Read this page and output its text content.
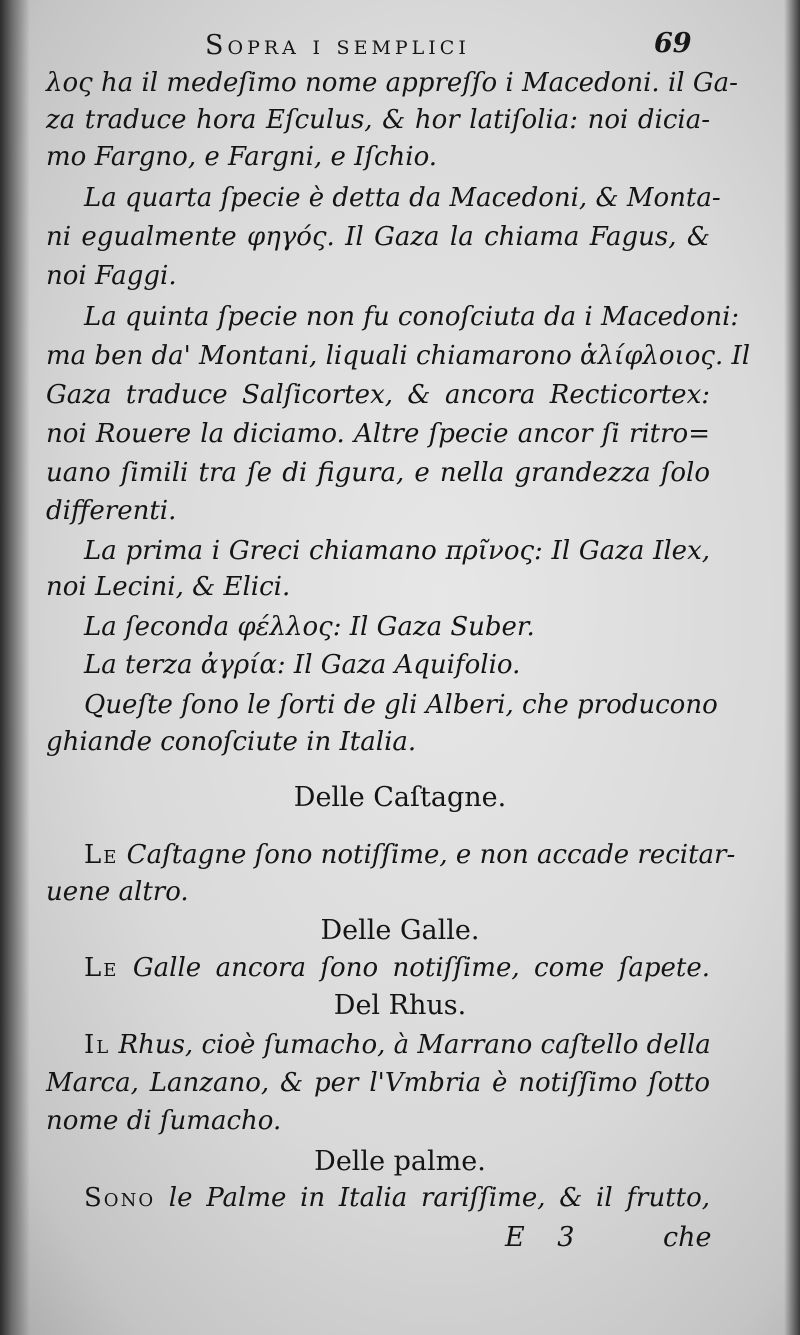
Sopra i semplici	69
λος ha il medeſimo nome appreſſo i Macedoni. il Ga-
za traduce hora Eſculus, & hor latiſolia: noi dicia-
mo Fargno, e Fargni, e Iſchio.
La quarta ſpecie è detta da Macedoni, & Monta-
ni egualmente φηγός. Il Gaza la chiama Fagus, &
noi Faggi.
La quinta ſpecie non fu conoſciuta da i Macedoni:
ma ben da' Montani, liquali chiamarono ἁλίφλοιος. Il
Gaza traduce Salſicortex, & ancora Recticortex:
noi Rouere la diciamo. Altre ſpecie ancor ſi ritro=
uano ſimili tra ſe di figura, e nella grandezza ſolo
differenti.
La prima i Greci chiamano πρῖνος: Il Gaza Ilex,
noi Lecini, & Elici.
La ſeconda φέλλος: Il Gaza Suber.
La terza ἀγρία: Il Gaza Aquifolio.
Queſte ſono le ſorti de gli Alberi, che producono
ghiande conoſciute in Italia.
Delle Caſtagne.
Le Caſtagne ſono notiſſime, e non accade recitar-
uene altro.
Delle Galle.
Le Galle ancora ſono notiſſime, come ſapete.
Del Rhus.
Il Rhus, cioè ſumacho, à Marrano caſtello della
Marca, Lanzano, & per l'Vmbria è notiſſimo ſotto
nome di ſumacho.
Delle palme.
Sono le Palme in Italia rariſſime, & il frutto,
E 3	che
